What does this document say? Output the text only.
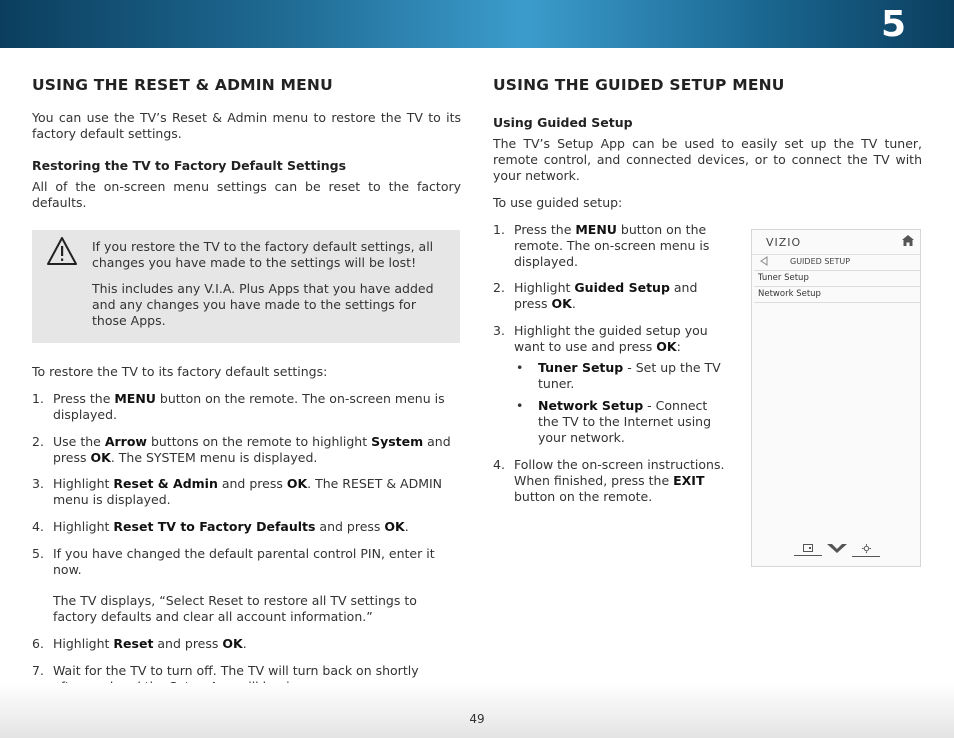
5
USING THE RESET & ADMIN MENU

You can use the TV’s Reset & Admin menu to restore the TV to its factory default settings.

Restoring the TV to Factory Default Settings

All of the on-screen menu settings can be reset to the factory defaults.

If you restore the TV to the factory default settings, all changes you have made to the settings will be lost!

This includes any V.I.A. Plus Apps that you have added and any changes you have made to the settings for those Apps.

To restore the TV to its factory default settings:

1. Press the MENU button on the remote. The on-screen menu is displayed.
2. Use the Arrow buttons on the remote to highlight System and press OK. The SYSTEM menu is displayed.
3. Highlight Reset & Admin and press OK. The RESET & ADMIN menu is displayed.
4. Highlight Reset TV to Factory Defaults and press OK.
5. If you have changed the default parental control PIN, enter it now.
The TV displays, “Select Reset to restore all TV settings to factory defaults and clear all account information.”
6. Highlight Reset and press OK.
7. Wait for the TV to turn off. The TV will turn back on shortly
USING THE GUIDED SETUP MENU
Using Guided Setup

The TV’s Setup App can be used to easily set up the TV tuner, remote control, and connected devices, or to connect the TV with your network.

To use guided setup:

1. Press the MENU button on the remote. The on-screen menu is displayed.
2. Highlight Guided Setup and press OK.
3. Highlight the guided setup you want to use and press OK:
• Tuner Setup - Set up the TV tuner.
• Network Setup - Connect the TV to the Internet using your network.
4. Follow the on-screen instructions. When finished, press the EXIT button on the remote.
VIZIO
GUIDED SETUP
Tuner Setup
Network Setup
49
